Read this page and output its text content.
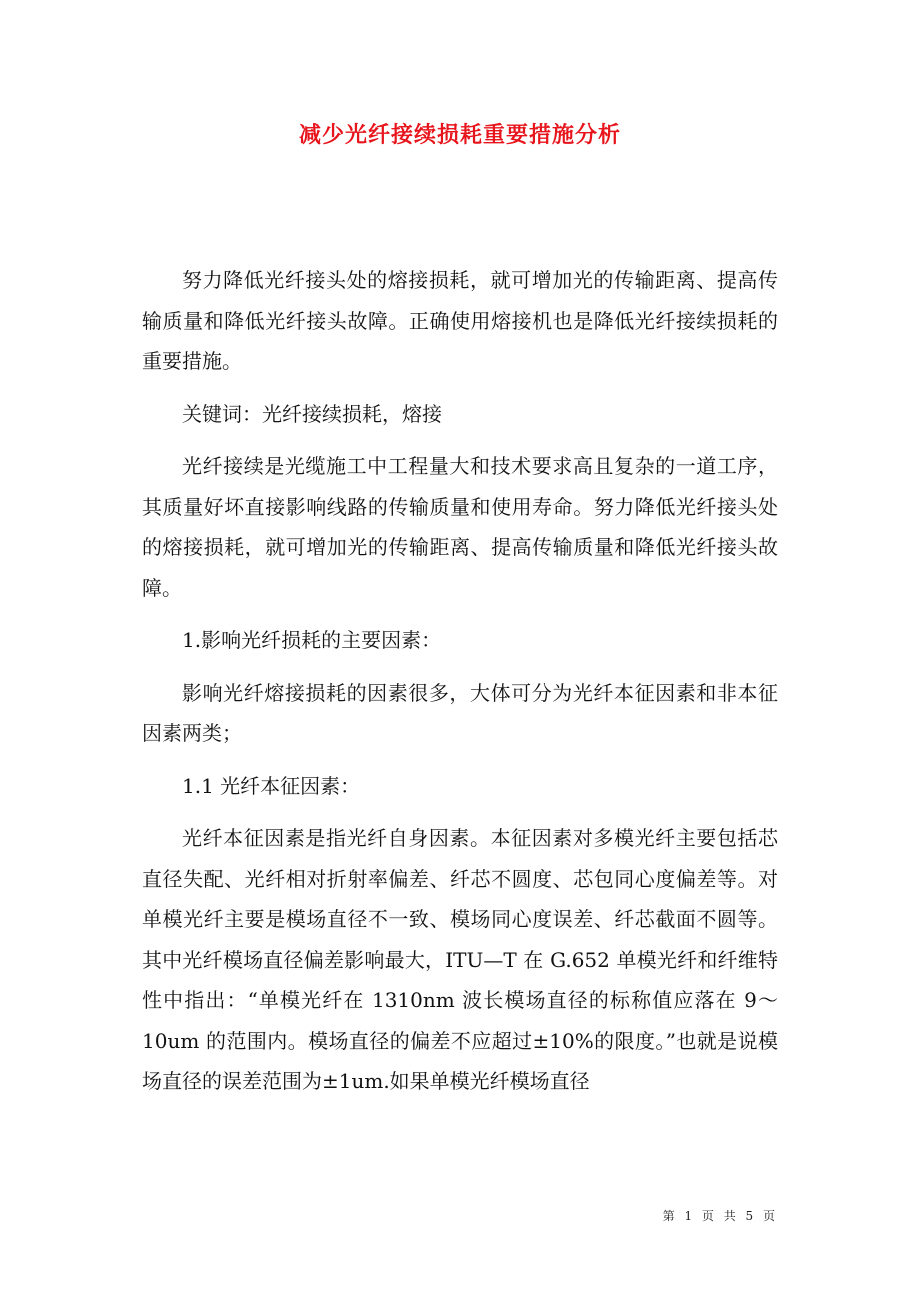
减少光纤接续损耗重要措施分析

努力降低光纤接头处的熔接损耗，就可增加光的传输距离、提高传输质量和降低光纤接头故障。正确使用熔接机也是降低光纤接续损耗的重要措施。

关键词：光纤接续损耗，熔接

光纤接续是光缆施工中工程量大和技术要求高且复杂的一道工序，其质量好坏直接影响线路的传输质量和使用寿命。努力降低光纤接头处的熔接损耗，就可增加光的传输距离、提高传输质量和降低光纤接头故障。

1.影响光纤损耗的主要因素：

影响光纤熔接损耗的因素很多，大体可分为光纤本征因素和非本征因素两类；

1.1 光纤本征因素：

光纤本征因素是指光纤自身因素。本征因素对多模光纤主要包括芯直径失配、光纤相对折射率偏差、纤芯不圆度、芯包同心度偏差等。对单模光纤主要是模场直径不一致、模场同心度误差、纤芯截面不圆等。其中光纤模场直径偏差影响最大，ITU—T 在 G.652 单模光纤和纤维特性中指出：“单模光纤在 1310nm 波长模场直径的标称值应落在 9～10um 的范围内。模场直径的偏差不应超过±10%的限度。”也就是说模场直径的误差范围为±1um.如果单模光纤模场直径

第 1 页 共 5 页
